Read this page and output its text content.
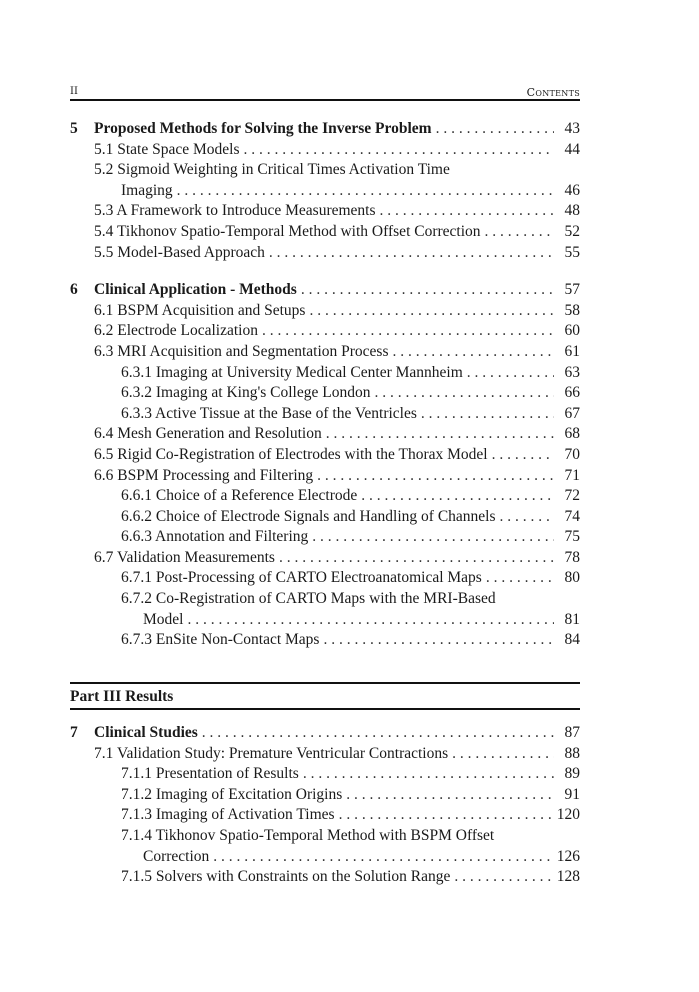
II	Contents
5	Proposed Methods for Solving the Inverse Problem . . .	43
5.1 State Space Models . . .	44
5.2 Sigmoid Weighting in Critical Times Activation Time
Imaging . . .	46
5.3 A Framework to Introduce Measurements . . .	48
5.4 Tikhonov Spatio-Temporal Method with Offset Correction . . .	52
5.5 Model-Based Approach . . .	55
6	Clinical Application - Methods . . .	57
6.1 BSPM Acquisition and Setups . . .	58
6.2 Electrode Localization . . .	60
6.3 MRI Acquisition and Segmentation Process . . .	61
6.3.1 Imaging at University Medical Center Mannheim . . .	63
6.3.2 Imaging at King's College London . . .	66
6.3.3 Active Tissue at the Base of the Ventricles . . .	67
6.4 Mesh Generation and Resolution . . .	68
6.5 Rigid Co-Registration of Electrodes with the Thorax Model . . .	70
6.6 BSPM Processing and Filtering . . .	71
6.6.1 Choice of a Reference Electrode . . .	72
6.6.2 Choice of Electrode Signals and Handling of Channels . . .	74
6.6.3 Annotation and Filtering . . .	75
6.7 Validation Measurements . . .	78
6.7.1 Post-Processing of CARTO Electroanatomical Maps . . .	80
6.7.2 Co-Registration of CARTO Maps with the MRI-Based
Model . . .	81
6.7.3 EnSite Non-Contact Maps . . .	84
Part III Results
7	Clinical Studies . . .	87
7.1 Validation Study: Premature Ventricular Contractions . . .	88
7.1.1 Presentation of Results . . .	89
7.1.2 Imaging of Excitation Origins . . .	91
7.1.3 Imaging of Activation Times . . .	120
7.1.4 Tikhonov Spatio-Temporal Method with BSPM Offset
Correction . . .	126
7.1.5 Solvers with Constraints on the Solution Range . . .	128
